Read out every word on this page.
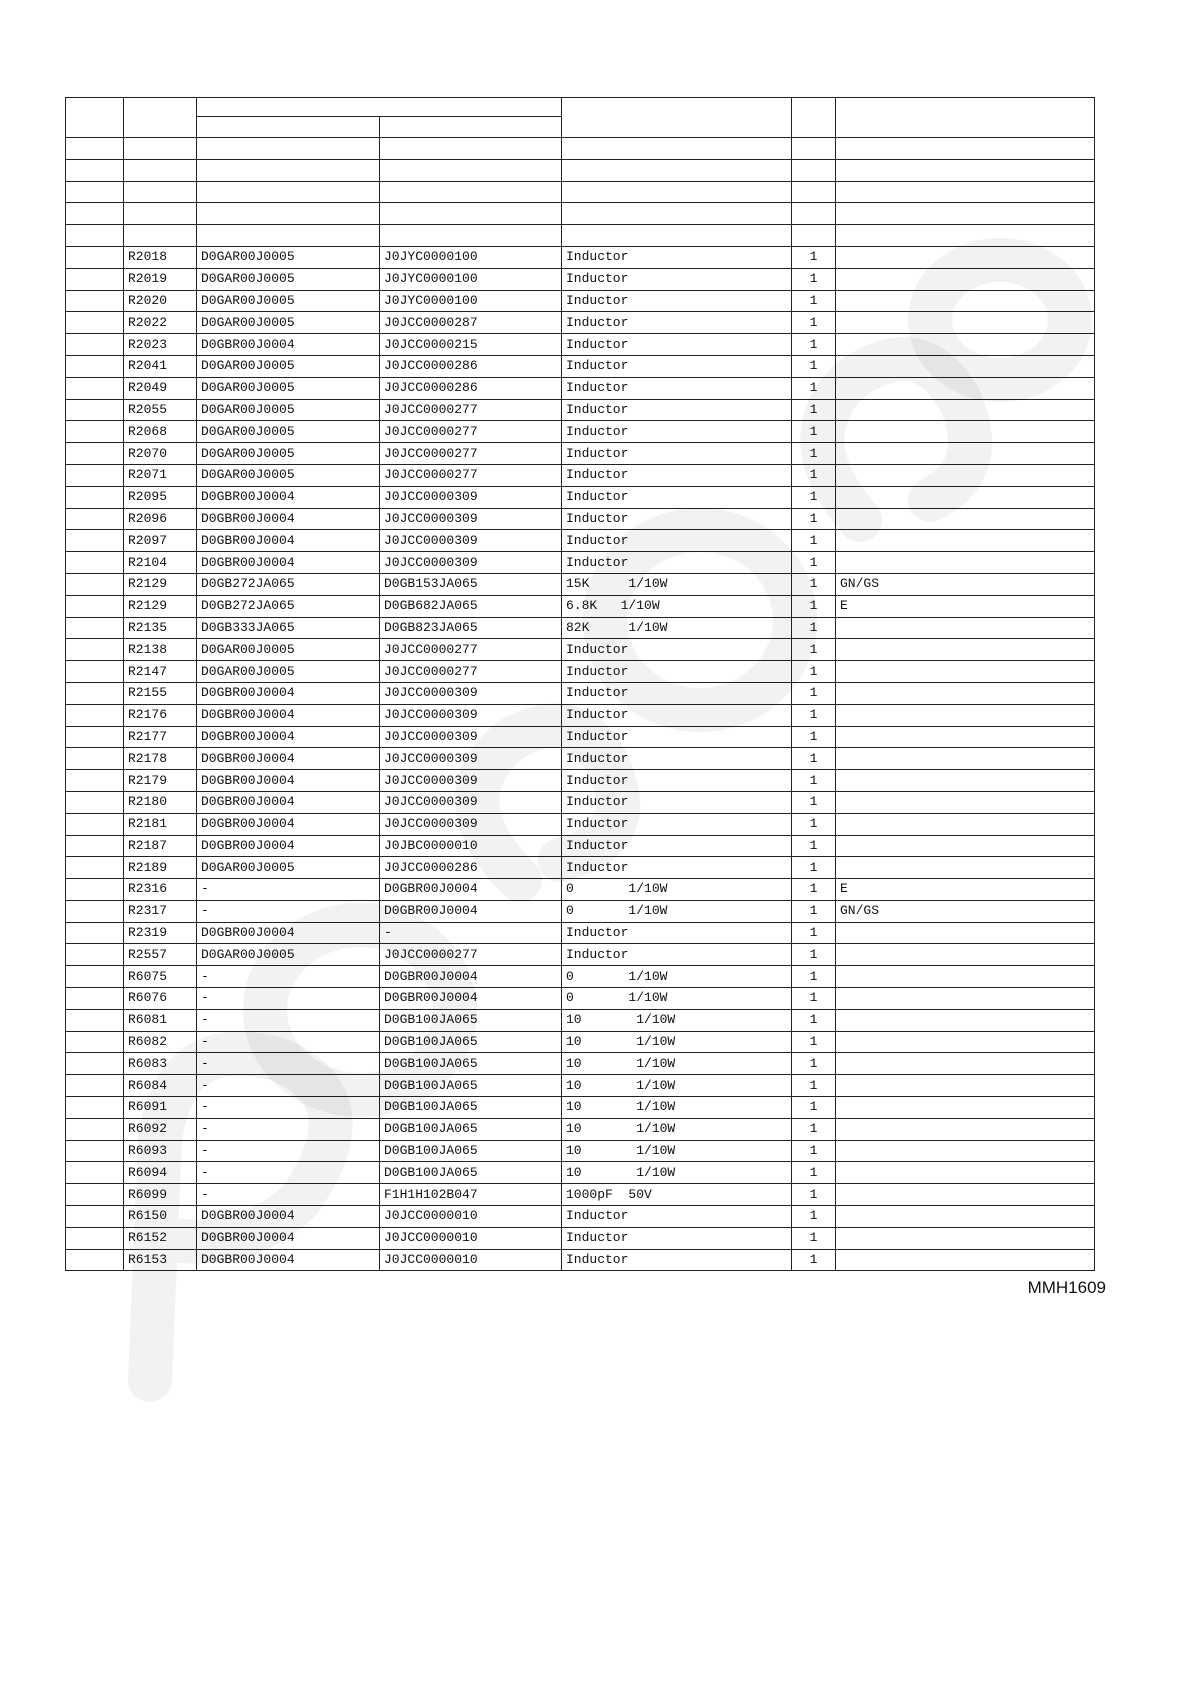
	R2018	D0GAR00J0005	J0JYC0000100	Inductor	1	
	R2019	D0GAR00J0005	J0JYC0000100	Inductor	1	
	R2020	D0GAR00J0005	J0JYC0000100	Inductor	1	
	R2022	D0GAR00J0005	J0JCC0000287	Inductor	1	
	R2023	D0GBR00J0004	J0JCC0000215	Inductor	1	
	R2041	D0GAR00J0005	J0JCC0000286	Inductor	1	
	R2049	D0GAR00J0005	J0JCC0000286	Inductor	1	
	R2055	D0GAR00J0005	J0JCC0000277	Inductor	1	
	R2068	D0GAR00J0005	J0JCC0000277	Inductor	1	
	R2070	D0GAR00J0005	J0JCC0000277	Inductor	1	
	R2071	D0GAR00J0005	J0JCC0000277	Inductor	1	
	R2095	D0GBR00J0004	J0JCC0000309	Inductor	1	
	R2096	D0GBR00J0004	J0JCC0000309	Inductor	1	
	R2097	D0GBR00J0004	J0JCC0000309	Inductor	1	
	R2104	D0GBR00J0004	J0JCC0000309	Inductor	1	
	R2129	D0GB272JA065	D0GB153JA065	15K     1/10W	1	GN/GS
	R2129	D0GB272JA065	D0GB682JA065	6.8K   1/10W	1	E
	R2135	D0GB333JA065	D0GB823JA065	82K     1/10W	1	
	R2138	D0GAR00J0005	J0JCC0000277	Inductor	1	
	R2147	D0GAR00J0005	J0JCC0000277	Inductor	1	
	R2155	D0GBR00J0004	J0JCC0000309	Inductor	1	
	R2176	D0GBR00J0004	J0JCC0000309	Inductor	1	
	R2177	D0GBR00J0004	J0JCC0000309	Inductor	1	
	R2178	D0GBR00J0004	J0JCC0000309	Inductor	1	
	R2179	D0GBR00J0004	J0JCC0000309	Inductor	1	
	R2180	D0GBR00J0004	J0JCC0000309	Inductor	1	
	R2181	D0GBR00J0004	J0JCC0000309	Inductor	1	
	R2187	D0GBR00J0004	J0JBC0000010	Inductor	1	
	R2189	D0GAR00J0005	J0JCC0000286	Inductor	1	
	R2316	-	D0GBR00J0004	0       1/10W	1	E
	R2317	-	D0GBR00J0004	0       1/10W	1	GN/GS
	R2319	D0GBR00J0004	-	Inductor	1	
	R2557	D0GAR00J0005	J0JCC0000277	Inductor	1	
	R6075	-	D0GBR00J0004	0       1/10W	1	
	R6076	-	D0GBR00J0004	0       1/10W	1	
	R6081	-	D0GB100JA065	10       1/10W	1	
	R6082	-	D0GB100JA065	10       1/10W	1	
	R6083	-	D0GB100JA065	10       1/10W	1	
	R6084	-	D0GB100JA065	10       1/10W	1	
	R6091	-	D0GB100JA065	10       1/10W	1	
	R6092	-	D0GB100JA065	10       1/10W	1	
	R6093	-	D0GB100JA065	10       1/10W	1	
	R6094	-	D0GB100JA065	10       1/10W	1	
	R6099	-	F1H1H102B047	1000pF  50V	1	
	R6150	D0GBR00J0004	J0JCC0000010	Inductor	1	
	R6152	D0GBR00J0004	J0JCC0000010	Inductor	1	
	R6153	D0GBR00J0004	J0JCC0000010	Inductor	1	
MMH1609
